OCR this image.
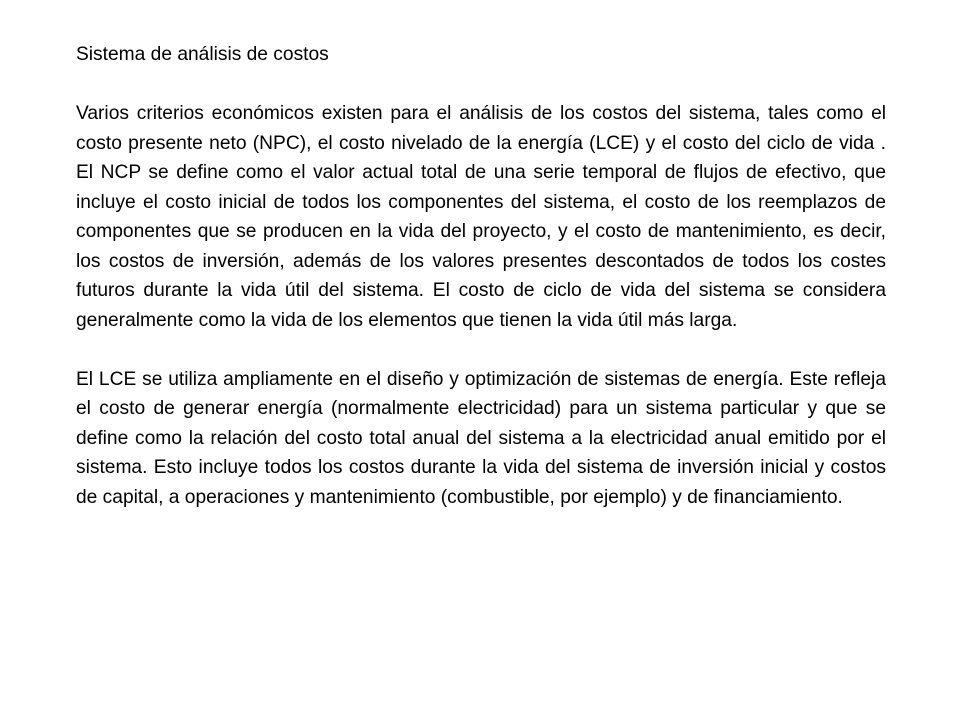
Sistema de análisis de costos

Varios criterios económicos existen para el análisis de los costos del sistema, tales como el costo presente neto (NPC), el costo nivelado de la energía (LCE) y el costo del ciclo de vida . El NCP se define como el valor actual total de una serie temporal de flujos de efectivo, que incluye el costo inicial de todos los componentes del sistema, el costo de los reemplazos de componentes que se producen en la vida del proyecto, y el costo de mantenimiento, es decir, los costos de inversión, además de los valores presentes descontados de todos los costes futuros durante la vida útil del sistema. El costo de ciclo de vida del sistema se considera generalmente como la vida de los elementos que tienen la vida útil más larga.

El LCE se utiliza ampliamente en el diseño y optimización de sistemas de energía. Este refleja el costo de generar energía (normalmente electricidad) para un sistema particular y que se define como la relación del costo total anual del sistema a la electricidad anual emitido por el sistema. Esto incluye todos los costos durante la vida del sistema de inversión inicial y costos de capital, a operaciones y mantenimiento (combustible, por ejemplo) y de financiamiento.
